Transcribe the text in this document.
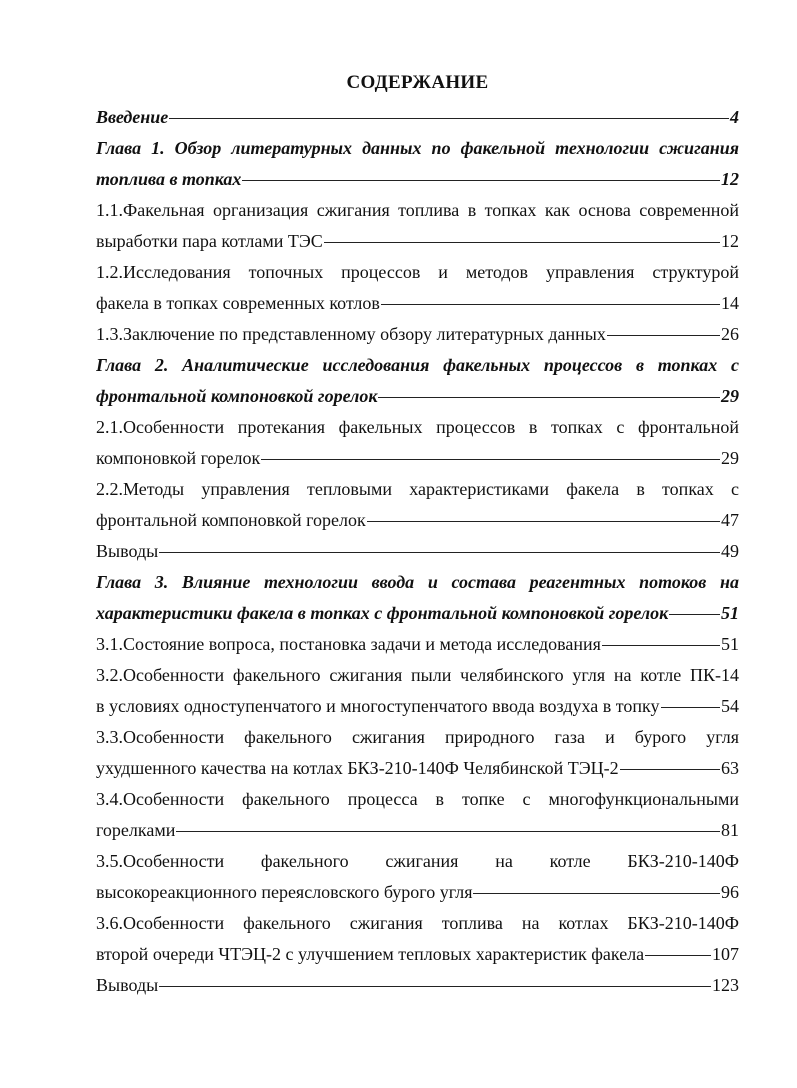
СОДЕРЖАНИЕ
Введение	4
Глава 1. Обзор литературных данных по факельной технологии сжигания
топлива в топках	12
1.1.Факельная организация сжигания топлива в топках как основа современной
выработки пара котлами ТЭС	12
1.2.Исследования топочных процессов и методов управления структурой
факела в топках современных котлов	14
1.3.Заключение по представленному обзору литературных данных	26
Глава 2. Аналитические исследования факельных процессов в топках с
фронтальной компоновкой горелок	29
2.1.Особенности протекания факельных процессов в топках с фронтальной
компоновкой горелок	29
2.2.Методы управления тепловыми характеристиками факела в топках с
фронтальной компоновкой горелок	47
Выводы	49
Глава 3. Влияние технологии ввода и состава реагентных потоков на
характеристики факела в топках с фронтальной компоновкой горелок	51
3.1.Состояние вопроса, постановка задачи и метода исследования	51
3.2.Особенности факельного сжигания пыли челябинского угля на котле ПК-14
в условиях одноступенчатого и многоступенчатого ввода воздуха в топку	54
3.3.Особенности факельного сжигания природного газа и бурого угля
ухудшенного качества на котлах БКЗ-210-140Ф Челябинской ТЭЦ-2	63
3.4.Особенности факельного процесса в топке с многофункциональными
горелками	81
3.5.Особенности факельного сжигания на котле БКЗ-210-140Ф
высокореакционного переясловского бурого угля	96
3.6.Особенности факельного сжигания топлива на котлах БКЗ-210-140Ф
второй очереди ЧТЭЦ-2 с улучшением тепловых характеристик факела	107
Выводы	123
